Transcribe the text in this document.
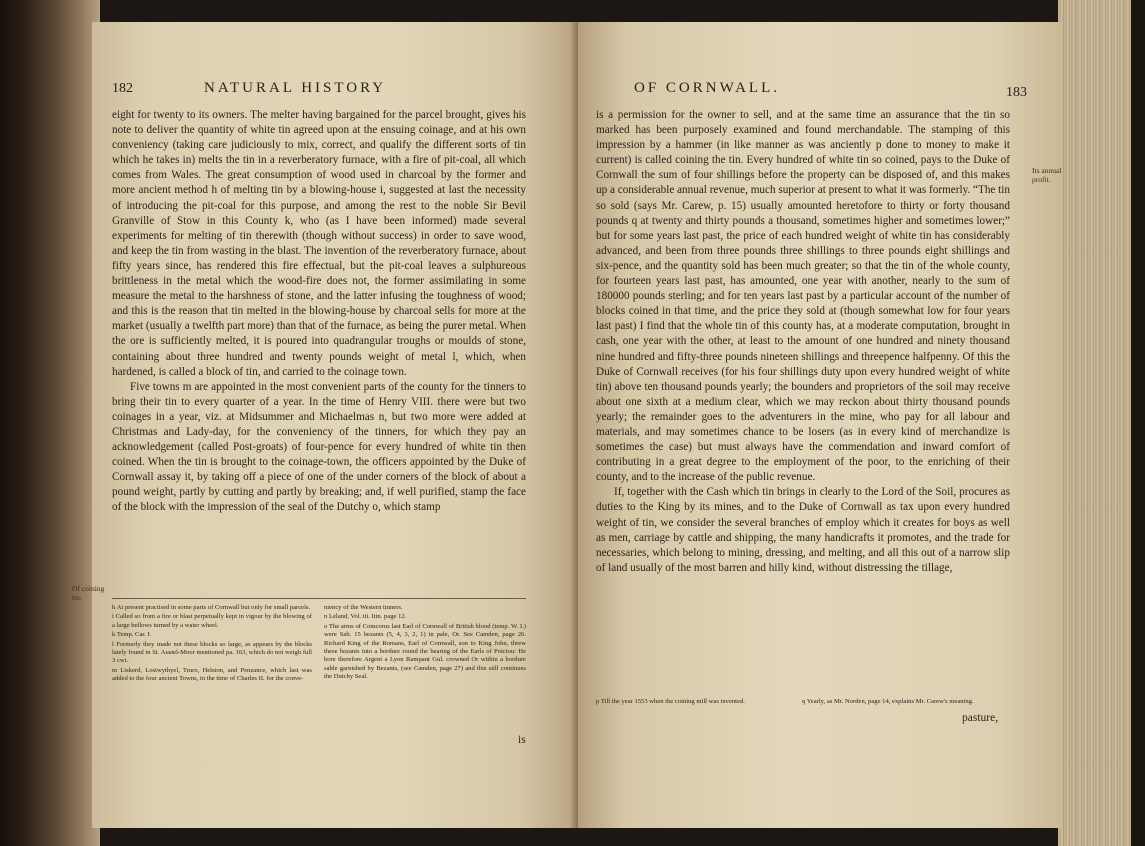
182	NATURAL HISTORY

eight for twenty to its owners. The melter having bargained for the parcel brought, gives his note to deliver the quantity of white tin agreed upon at the ensuing coinage, and at his own conveniency (taking care judiciously to mix, correct, and qualify the different sorts of tin which he takes in) melts the tin in a reverberatory furnace, with a fire of pit-coal, all which comes from Wales. The great consumption of wood used in charcoal by the former and more ancient method h of melting tin by a blowing-house i, suggested at last the necessity of introducing the pit-coal for this purpose, and among the rest to the noble Sir Bevil Granville of Stow in this County k, who (as I have been informed) made several experiments for melting of tin therewith (though without success) in order to save wood, and keep the tin from wasting in the blast. The invention of the reverberatory furnace, about fifty years since, has rendered this fire effectual, but the pit-coal leaves a sulphureous brittleness in the metal which the wood-fire does not, the former assimilating in some measure the metal to the harshness of stone, and the latter infusing the toughness of wood; and this is the reason that tin melted in the blowing-house by charcoal sells for more at the market (usually a twelfth part more) than that of the furnace, as being the purer metal. When the ore is sufficiently melted, it is poured into quadrangular troughs or moulds of stone, containing about three hundred and twenty pounds weight of metal l, which, when hardened, is called a block of tin, and carried to the coinage town.

Five towns m are appointed in the most convenient parts of the county for the tinners to bring their tin to every quarter of a year. In the time of Henry VIII. there were but two coinages in a year, viz. at Midsummer and Michaelmas n, but two more were added at Christmas and Lady-day, for the conveniency of the tinners, for which they pay an acknowledgement (called Post-groats) of four-pence for every hundred of white tin then coined. When the tin is brought to the coinage-town, the officers appointed by the Duke of Cornwall assay it, by taking off a piece of one of the under corners of the block of about a pound weight, partly by cutting and partly by breaking; and, if well purified, stamp the face of the block with the impression of the seal of the Dutchy o, which stamp

h At present practised in some parts of Cornwall but only for small parcels.

i Called so from a fire or blast perpetually kept in vigour by the blowing of a large bellows turned by a water wheel.

k Temp. Car. I.

l Formerly they made not these blocks so large, as appears by the blocks lately found in St. Austel-Moor mentioned pa. 163, which do not weigh full 3 cwt.

m Liskerd, Lostwythyel, Truro, Helston, and Penzance, which last was added to the four ancient Towns, in the time of Charles II. for the conve-

niency of the Western tinners.

n Leland, Vol. iii. Itin. page 12.

o The arms of Comcorus last Earl of Cornwall of British blood (temp. W. I.) were Sab. 15 bezants (5, 4, 3, 2, 1) in pale, Or. See Camden, page 26. Richard King of the Romans, Earl of Cornwall, son to King John, threw these bezants into a bordure round the bearing of the Earls of Poictou: He bore therefore Argent a Lyon Rampant Gul. crowned Or within a bordure sable garnished by Bezants, (see Camden, page 27) and this still continues the Dutchy Seal.

is
Of coining tin.
OF CORNWALL.	183

is a permission for the owner to sell, and at the same time an assurance that the tin so marked has been purposely examined and found merchandable. The stamping of this impression by a hammer (in like manner as was anciently p done to money to make it current) is called coining the tin. Every hundred of white tin so coined, pays to the Duke of Cornwall the sum of four shillings before the property can be disposed of, and this makes up a considerable annual revenue, much superior at present to what it was formerly. “The tin so sold (says Mr. Carew, p. 15) usually amounted heretofore to thirty or forty thousand pounds q at twenty and thirty pounds a thousand, sometimes higher and sometimes lower;” but for some years last past, the price of each hundred weight of white tin has considerably advanced, and been from three pounds three shillings to three pounds eight shillings and six-pence, and the quantity sold has been much greater; so that the tin of the whole county, for fourteen years last past, has amounted, one year with another, nearly to the sum of 180000 pounds sterling; and for ten years last past by a particular account of the number of blocks coined in that time, and the price they sold at (though somewhat low for four years last past) I find that the whole tin of this county has, at a moderate computation, brought in cash, one year with the other, at least to the amount of one hundred and ninety thousand nine hundred and fifty-three pounds nineteen shillings and threepence halfpenny. Of this the Duke of Cornwall receives (for his four shillings duty upon every hundred weight of white tin) above ten thousand pounds yearly; the bounders and proprietors of the soil may receive about one sixth at a medium clear, which we may reckon about thirty thousand pounds yearly; the remainder goes to the adventurers in the mine, who pay for all labour and materials, and may sometimes chance to be losers (as in every kind of merchandize is sometimes the case) but must always have the commendation and inward comfort of contributing in a great degree to the employment of the poor, to the enriching of their county, and to the increase of the public revenue.

If, together with the Cash which tin brings in clearly to the Lord of the Soil, procures as duties to the King by its mines, and to the Duke of Cornwall as tax upon every hundred weight of tin, we consider the several branches of employ which it creates for boys as well as men, carriage by cattle and shipping, the many handicrafts it promotes, and the trade for necessaries, which belong to mining, dressing, and melting, and all this out of a narrow slip of land usually of the most barren and hilly kind, without distressing the tillage,

p Till the year 1553 when the coining mill was invented.	q Yearly, as Mr. Norden, page 14, explains Mr. Carew's meaning.

pasture,
Its annual profit.
